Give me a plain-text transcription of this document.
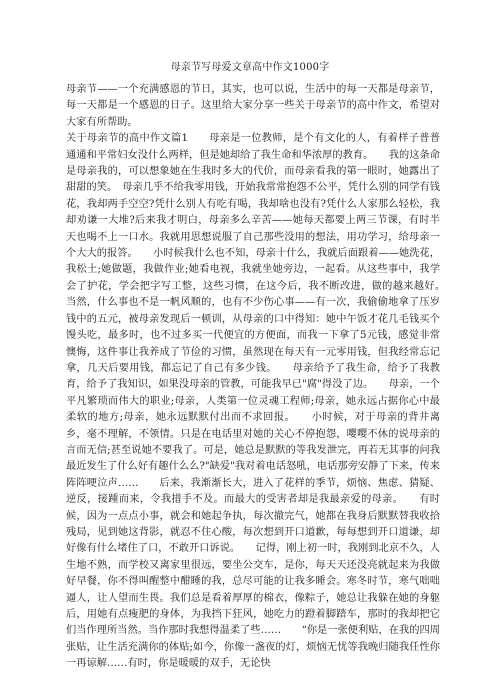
母亲节写母爱文章高中作文1000字

母亲节——一个充满感恩的节日，其实，也可以说，生活中的每一天都是母亲节，每一天都是一个感恩的日子。这里给大家分享一些关于母亲节的高中作文，希望对大家有所帮助。

关于母亲节的高中作文篇1　　母亲是一位教师，是个有文化的人，有着样子普普通通和平常妇女没什么两样，但是她却给了我生命和华浓厚的教育。　　我的这条命是母亲我的，可以想象她在生我时多大的代价，而母亲看我的第一眼时，她露出了甜甜的笑。　母亲几乎不给我零用钱，开始我常常抱怨不公平，凭什么别的同学有钱花，我却两手空空?凭什么别人有吃有喝，我却啥也没有?凭什么人家那么轻松，我却劝谦一大堆?后来我才明白，母亲多么辛苦——她每天都要上两三节课，有时半天也喝不上一口水。我就用思想说服了自己那些没用的想法，用功学习，给母亲一个大大的报答。　　小时候我什么也不知，母亲十什么，我就后面跟着——她洗花，我松土;她做题，我做作业;她看电视，我就坐她旁边，一起看。从这些事中，我学会了护花，学会把字写工整，这些习惯，在这今后，我不断改进，做的越来越好。　　当然，什么事也不是一帆风顺的，也有不少伤心事——有一次，我偷偷地拿了压岁钱中的五元，被母亲发现后一顿训，从母亲的口中得知：她中午饭才花几毛钱买个馒头吃，最多时，也不过多买一代便宜的方便面，而我一下拿了5元钱，感觉非常懊悔，这件事让我养成了节俭的习惯，虽然现在每天有一元零用钱，但我经常忘记拿，几天后要用钱，都忘记了自己有多少钱。　　母亲给予了我生命，给予了我教育，给予了我知识，如果没母亲的管教，可能我早已"腐"得没了边。　　母亲，一个平凡繁琐而伟大的职业;母亲，人类第一位灵魂工程师;母亲，她永远占据你心中最柔软的地方;母亲，她永远默默付出而不求回报。　　小时候，对于母亲的背井离乡，毫不理解，不领情。只是在电话里对她的关心不停抱怨，嘤嘤不休的说母亲的言而无信;甚至说她不要我了。可是，她总是默默的等我发泄完，再若无其事的问我最近发生了什么好有趣什么么?"缺爱"我对着电话怒吼，电话那旁安静了下来，传来阵阵哽泣声……　　后来，我渐渐长大，进入了花样的季节，烦恼、焦虑、猜疑、逆反，接踵而来，令我措手不及。而最大的受害者却是我最亲爱的母亲。　　有时候，因为一点点小事，就会和她起争执，每次撤完气，她都在我身后默默替我收拾残局，见到她这背影，就忍不住心酸，每次想到开口道歉，每每想到开口道谦，却好像有什么堵住了口，不敢开口诉说。　　记得，刚上初一时，我刚到北京不久，人生地不熟，而学校又离家里很远，要坐公交车，是你，每天天还没亮就起来为我做好早餐，你不得叫醒整中酣睡的我，总尽可能的让我多睡会。寒冬时节，寒气咄咄逼人，让人望而生畏。我们总是看着厚厚的棉衣，像粽子，她总让我躲在她的身躯后，用她有点瘦肥的身体，为我挡下狂风，她吃力的蹬着脚踏车，那时的我却把它们当作理所当然。当作那时我想得温柔了些……　　“你是一张便利贴，在我的四周张贴，让生活充满你的体贴;如今，你像一盏夜的灯，烦恼无忧等我晚归随我任性你一再谅解……有时，你是暖暖的双手，无论快
